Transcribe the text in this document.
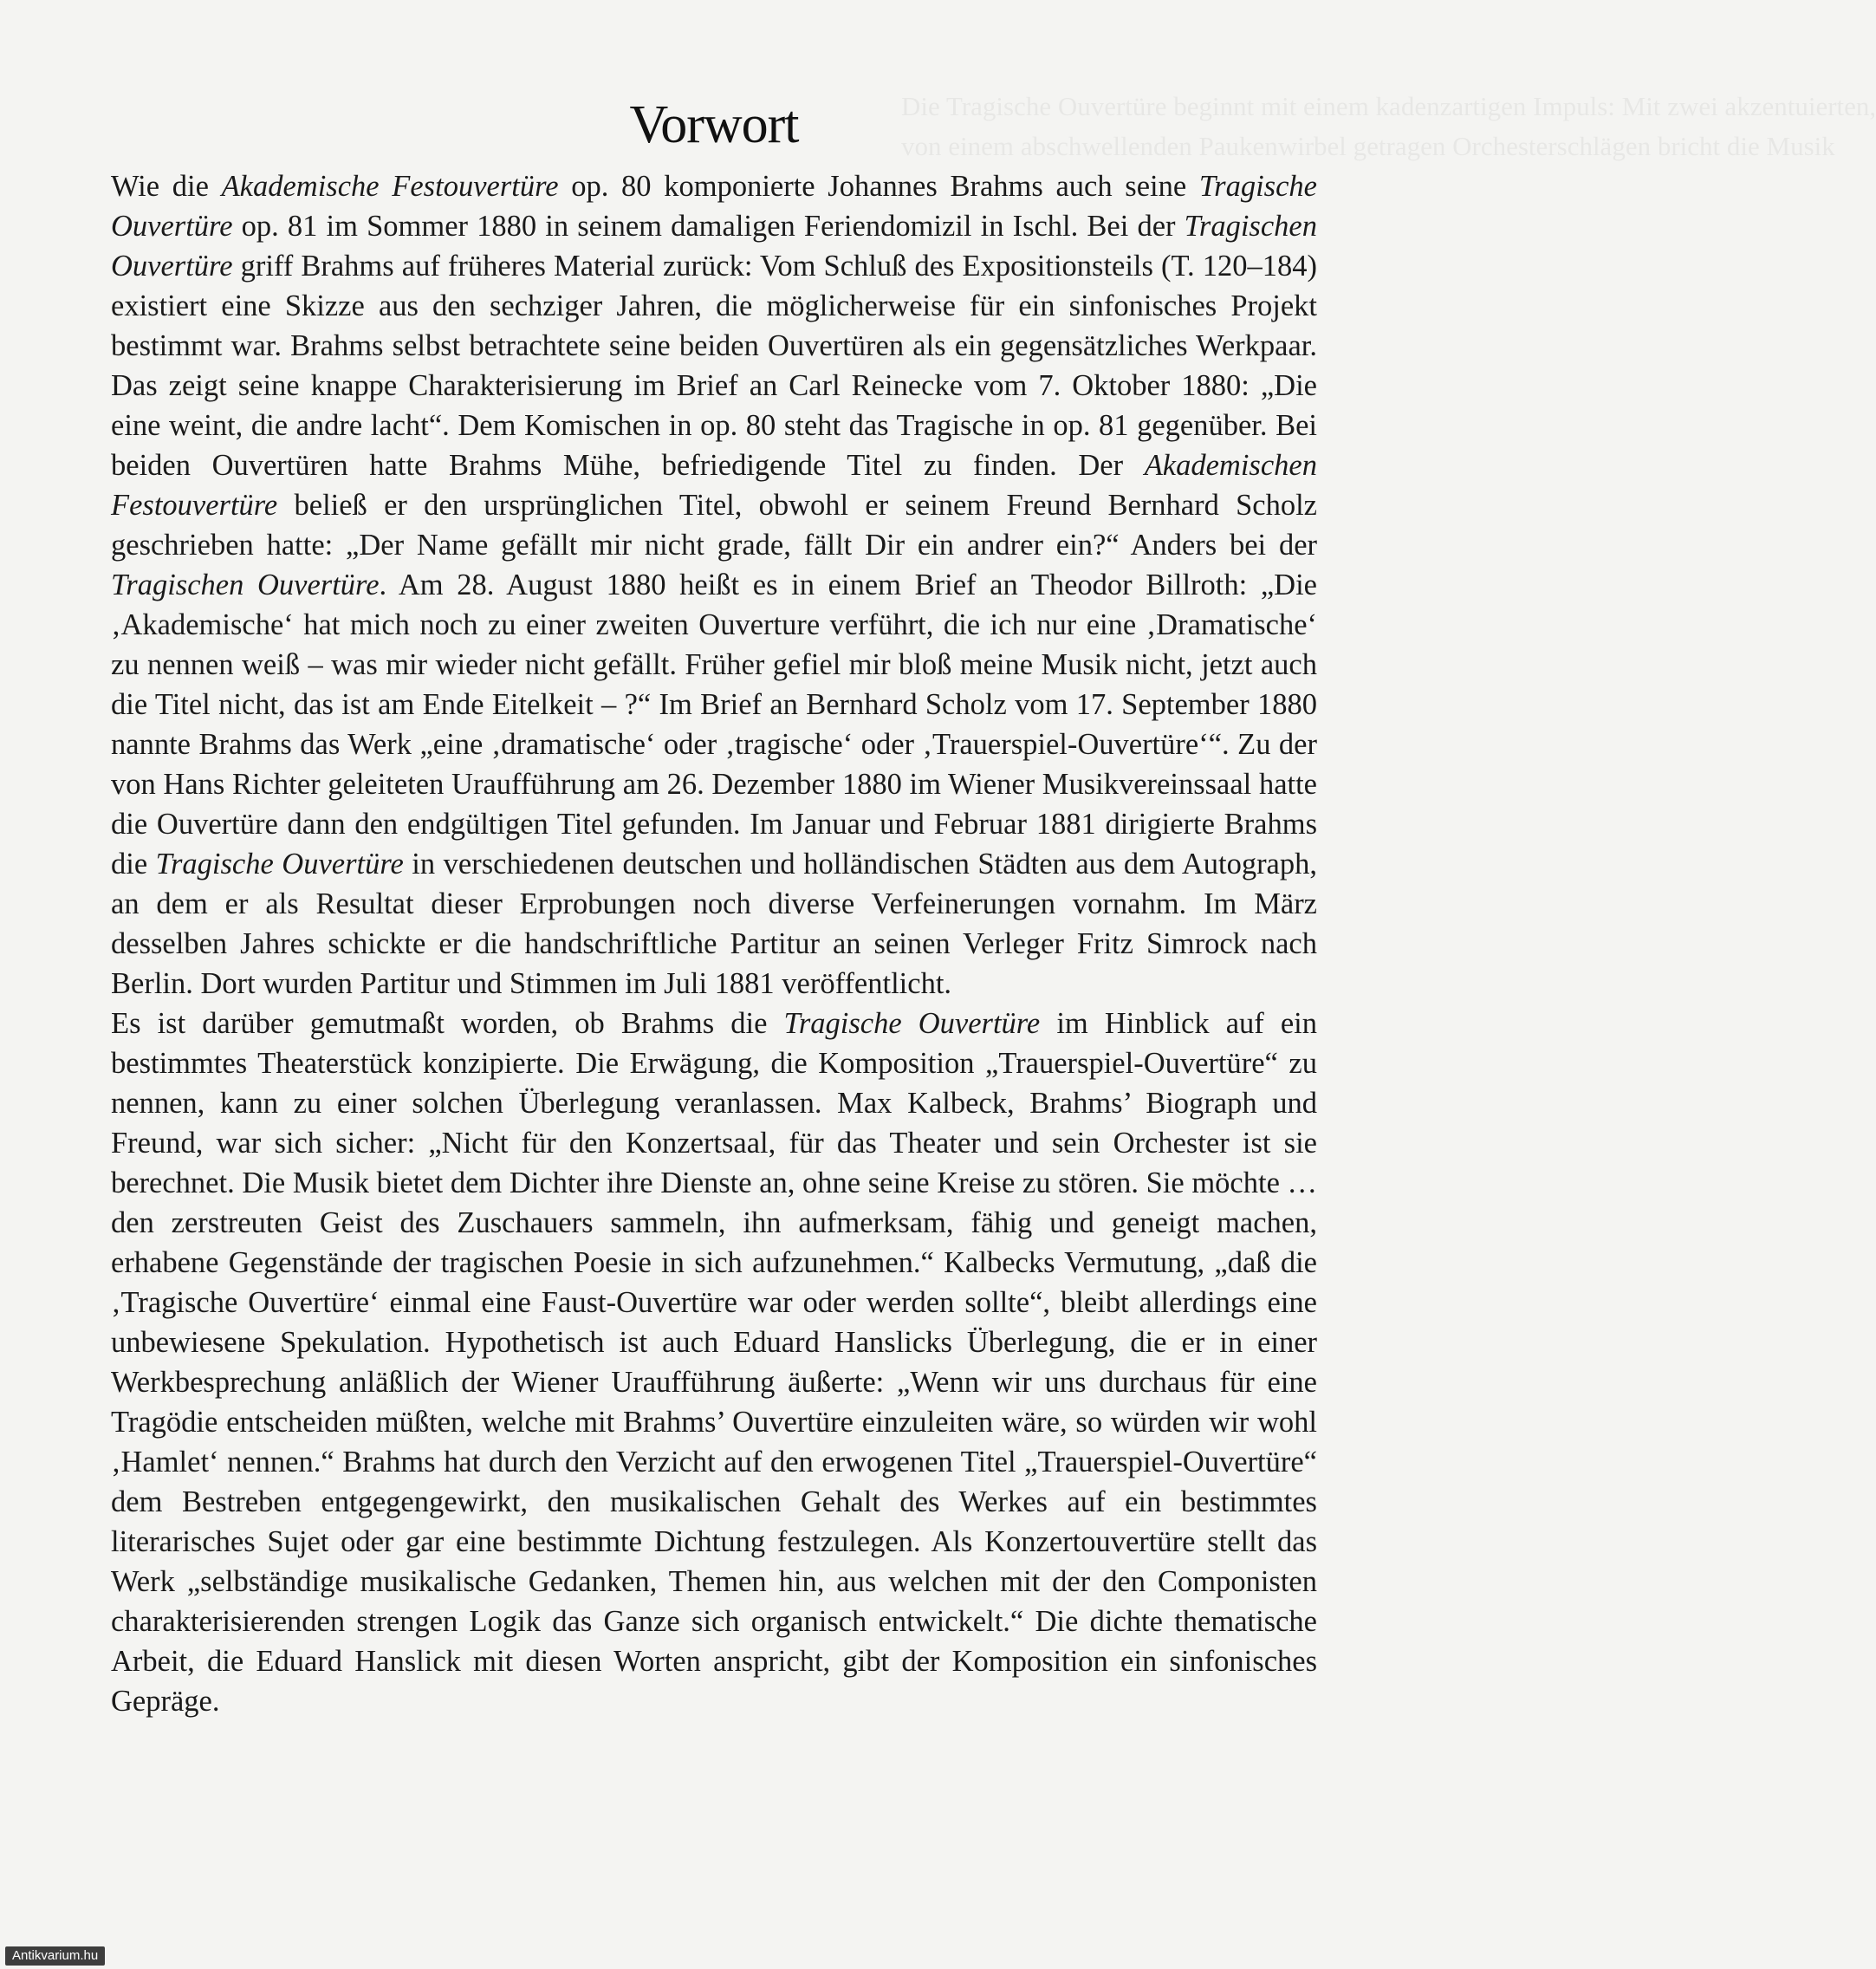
Die Tragische Ouvertüre beginnt mit einem kadenzartigen Impuls: Mit zwei akzentuierten,
von einem abschwellenden Paukenwirbel getragen Orchesterschlägen bricht die Musik
Vorwort

Wie die Akademische Festouvertüre op. 80 komponierte Johannes Brahms auch seine Tragische Ouvertüre op. 81 im Sommer 1880 in seinem damaligen Feriendomizil in Ischl. Bei der Tragischen Ouvertüre griff Brahms auf früheres Material zurück: Vom Schluß des Expositionsteils (T. 120–184) existiert eine Skizze aus den sechziger Jahren, die möglicherweise für ein sinfonisches Projekt bestimmt war. Brahms selbst betrachtete seine beiden Ouvertüren als ein gegensätzliches Werkpaar. Das zeigt seine knappe Charakterisierung im Brief an Carl Reinecke vom 7. Oktober 1880: „Die eine weint, die andre lacht“. Dem Komischen in op. 80 steht das Tragische in op. 81 gegenüber. Bei beiden Ouvertüren hatte Brahms Mühe, befriedigende Titel zu finden. Der Akademischen Festouvertüre beließ er den ursprünglichen Titel, obwohl er seinem Freund Bernhard Scholz geschrieben hatte: „Der Name gefällt mir nicht grade, fällt Dir ein andrer ein?“ Anders bei der Tragischen Ouvertüre. Am 28. August 1880 heißt es in einem Brief an Theodor Billroth: „Die ‚Akademische‘ hat mich noch zu einer zweiten Ouverture verführt, die ich nur eine ‚Dramatische‘ zu nennen weiß – was mir wieder nicht gefällt. Früher gefiel mir bloß meine Musik nicht, jetzt auch die Titel nicht, das ist am Ende Eitelkeit – ?“ Im Brief an Bernhard Scholz vom 17. September 1880 nannte Brahms das Werk „eine ‚dramatische‘ oder ‚tragische‘ oder ‚Trauerspiel-Ouvertüre‘“. Zu der von Hans Richter geleiteten Uraufführung am 26. Dezember 1880 im Wiener Musikvereinssaal hatte die Ouvertüre dann den endgültigen Titel gefunden. Im Januar und Februar 1881 dirigierte Brahms die Tragische Ouvertüre in verschiedenen deutschen und holländischen Städten aus dem Autograph, an dem er als Resultat dieser Erprobungen noch diverse Verfeinerungen vornahm. Im März desselben Jahres schickte er die handschriftliche Partitur an seinen Verleger Fritz Simrock nach Berlin. Dort wurden Partitur und Stimmen im Juli 1881 veröffentlicht.

Es ist darüber gemutmaßt worden, ob Brahms die Tragische Ouvertüre im Hinblick auf ein bestimmtes Theaterstück konzipierte. Die Erwägung, die Komposition „Trauerspiel-Ouvertüre“ zu nennen, kann zu einer solchen Überlegung veranlassen. Max Kalbeck, Brahms’ Biograph und Freund, war sich sicher: „Nicht für den Konzertsaal, für das Theater und sein Orchester ist sie berechnet. Die Musik bietet dem Dichter ihre Dienste an, ohne seine Kreise zu stören. Sie möchte … den zerstreuten Geist des Zuschauers sammeln, ihn aufmerksam, fähig und geneigt machen, erhabene Gegenstände der tragischen Poesie in sich aufzunehmen.“ Kalbecks Vermutung, „daß die ‚Tragische Ouvertüre‘ einmal eine Faust-Ouvertüre war oder werden sollte“, bleibt allerdings eine unbewiesene Spekulation. Hypothetisch ist auch Eduard Hanslicks Überlegung, die er in einer Werkbesprechung anläßlich der Wiener Uraufführung äußerte: „Wenn wir uns durchaus für eine Tragödie entscheiden müßten, welche mit Brahms’ Ouvertüre einzuleiten wäre, so würden wir wohl ‚Hamlet‘ nennen.“ Brahms hat durch den Verzicht auf den erwogenen Titel „Trauerspiel-Ouvertüre“ dem Bestreben entgegengewirkt, den musikalischen Gehalt des Werkes auf ein bestimmtes literarisches Sujet oder gar eine bestimmte Dichtung festzulegen. Als Konzertouvertüre stellt das Werk „selbständige musikalische Gedanken, Themen hin, aus welchen mit der den Componisten charakterisierenden strengen Logik das Ganze sich organisch entwickelt.“ Die dichte thematische Arbeit, die Eduard Hanslick mit diesen Worten anspricht, gibt der Komposition ein sinfonisches Gepräge.

Antikvarium.hu
